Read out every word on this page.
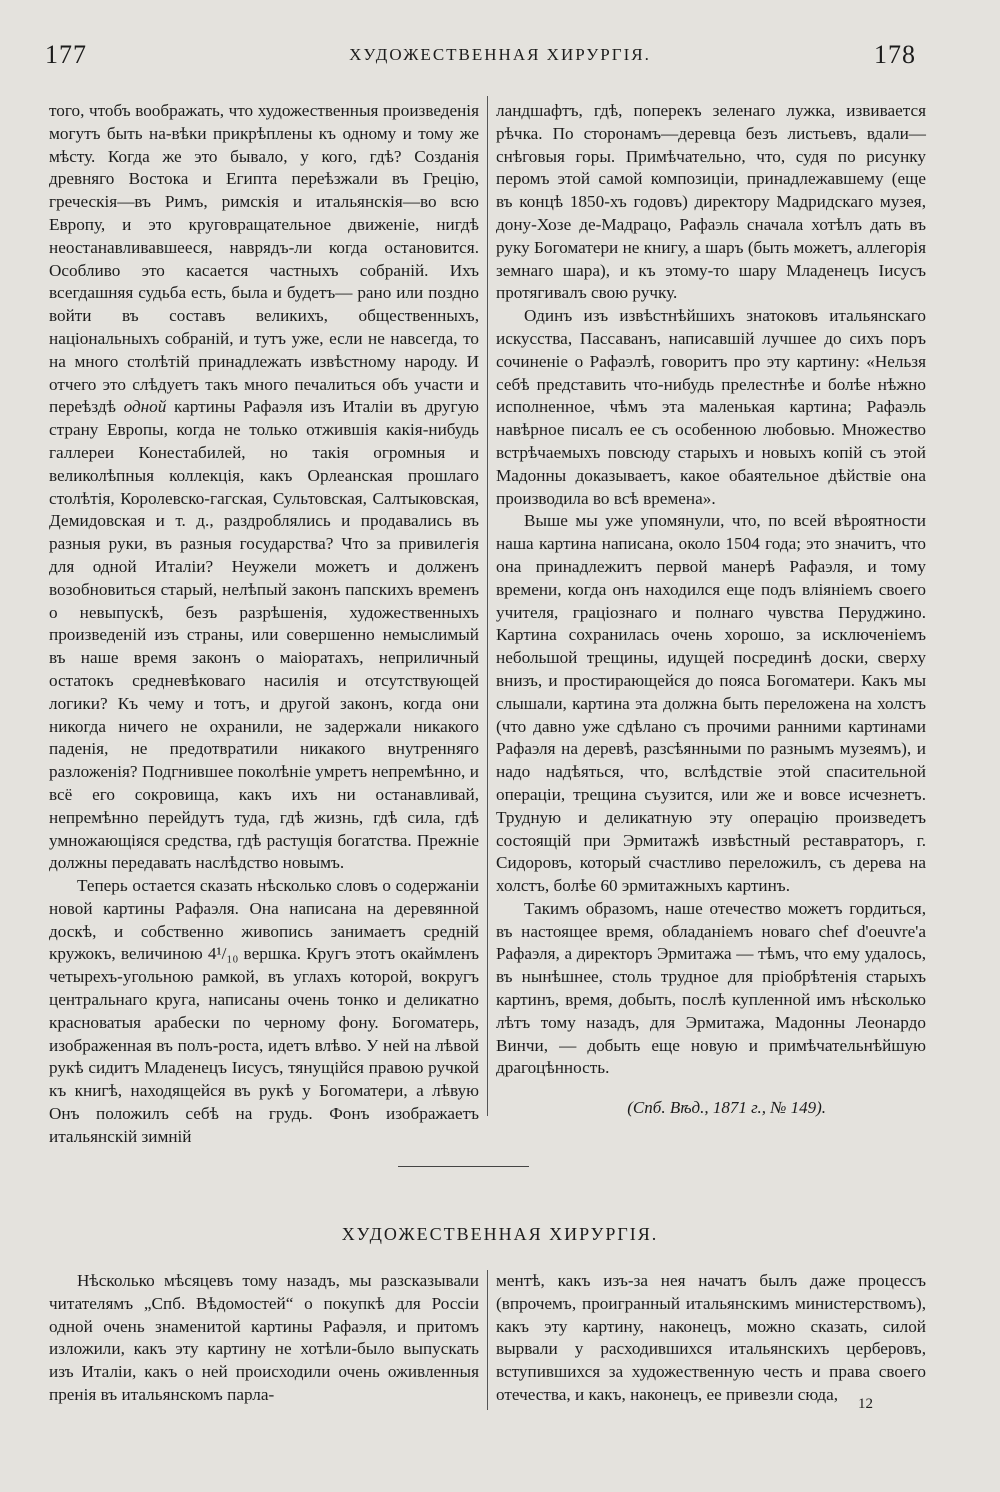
177	ХУДОЖЕСТВЕННАЯ ХИРУРГІЯ.	178

того, чтобъ воображать, что художественныя произведенія могутъ быть на-вѣки прикрѣплены къ одному и тому же мѣсту. Когда же это бывало, у кого, гдѣ? Созданія древняго Востока и Египта переѣзжали въ Грецію, греческія—въ Римъ, римскія и итальянскія—во всю Европу, и это круговращательное движеніе, нигдѣ неостанавливавшееся, наврядъ-ли когда остановится. Особливо это касается частныхъ собраній. Ихъ всегдашняя судьба есть, была и будетъ— рано или поздно войти въ составъ великихъ, общественныхъ, національныхъ собраній, и тутъ уже, если не навсегда, то на много столѣтій принадлежать извѣстному народу. И отчего это слѣдуетъ такъ много печалиться объ участи и переѣздѣ одной картины Рафаэля изъ Италіи въ другую страну Европы, когда не только отжившія какія-нибудь галлереи Конестабилей, но такія огромныя и великолѣпныя коллекція, какъ Орлеанская прошлаго столѣтія, Королевско-гагская, Сультовская, Салтыковская, Демидовская и т. д., раздроблялись и продавались въ разныя руки, въ разныя государства? Что за привилегія для одной Италіи? Неужели можетъ и долженъ возобновиться старый, нелѣпый законъ папскихъ временъ о невыпускѣ, безъ разрѣшенія, художественныхъ произведеній изъ страны, или совершенно немыслимый въ наше время законъ о маіоратахъ, неприличный остатокъ средневѣковаго насилія и отсутствующей логики? Къ чему и тотъ, и другой законъ, когда они никогда ничего не охранили, не задержали никакого паденія, не предотвратили никакого внутренняго разложенія? Подгнившее поколѣніе умретъ непремѣнно, и всё его сокровища, какъ ихъ ни останавливай, непремѣнно перейдутъ туда, гдѣ жизнь, гдѣ сила, гдѣ умножающіяся средства, гдѣ растущія богатства. Прежніе должны передавать наслѣдство новымъ.

Теперь остается сказать нѣсколько словъ о содержаніи новой картины Рафаэля. Она написана на деревянной доскѣ, и собственно живопись занимаетъ средній кружокъ, величиною 4¹/₁₀ вершка. Кругъ этотъ окаймленъ четырехъ-угольною рамкой, въ углахъ которой, вокругъ центральнаго круга, написаны очень тонко и деликатно красноватыя арабески по черному фону. Богоматерь, изображенная въ полъ-роста, идетъ влѣво. У ней на лѣвой рукѣ сидитъ Младенецъ Іисусъ, тянущійся правою ручкой къ книгѣ, находящейся въ рукѣ у Богоматери, а лѣвую Онъ положилъ себѣ на грудь. Фонъ изображаетъ итальянскій зимній

ландшафтъ, гдѣ, поперекъ зеленаго лужка, извивается рѣчка. По сторонамъ—деревца безъ листьевъ, вдали—снѣговыя горы. Примѣчательно, что, судя по рисунку перомъ этой самой композиціи, принадлежавшему (еще въ концѣ 1850-хъ годовъ) директору Мадридскаго музея, дону-Хозе де-Мадрацо, Рафаэль сначала хотѣлъ дать въ руку Богоматери не книгу, а шаръ (быть можетъ, аллегорія земнаго шара), и къ этому-то шару Младенецъ Іисусъ протягивалъ свою ручку.

Одинъ изъ извѣстнѣйшихъ знатоковъ итальянскаго искусства, Пассаванъ, написавшій лучшее до сихъ поръ сочиненіе о Рафаэлѣ, говоритъ про эту картину: «Нельзя себѣ представить что-нибудь прелестнѣе и болѣе нѣжно исполненное, чѣмъ эта маленькая картина; Рафаэль навѣрное писалъ ее съ особенною любовью. Множество встрѣчаемыхъ повсюду старыхъ и новыхъ копій съ этой Мадонны доказываетъ, какое обаятельное дѣйствіе она производила во всѣ времена».

Выше мы уже упомянули, что, по всей вѣроятности наша картина написана, около 1504 года; это значитъ, что она принадлежитъ первой манерѣ Рафаэля, и тому времени, когда онъ находился еще подъ вліяніемъ своего учителя, граціознаго и полнаго чувства Перуджино. Картина сохранилась очень хорошо, за исключеніемъ небольшой трещины, идущей посрединѣ доски, сверху внизъ, и простирающейся до пояса Богоматери. Какъ мы слышали, картина эта должна быть переложена на холстъ (что давно уже сдѣлано съ прочими ранними картинами Рафаэля на деревѣ, разсѣянными по разнымъ музеямъ), и надо надѣяться, что, вслѣдствіе этой спасительной операціи, трещина съузится, или же и вовсе исчезнетъ. Трудную и деликатную эту операцію произведетъ состоящій при Эрмитажѣ извѣстный реставраторъ, г. Сидоровъ, который счастливо переложилъ, съ дерева на холстъ, болѣе 60 эрмитажныхъ картинъ.

Такимъ образомъ, наше отечество можетъ гордиться, въ настоящее время, обладаніемъ новаго chef d'oeuvre'а Рафаэля, а директоръ Эрмитажа — тѣмъ, что ему удалось, въ нынѣшнее, столь трудное для пріобрѣтенія старыхъ картинъ, время, добыть, послѣ купленной имъ нѣсколько лѣтъ тому назадъ, для Эрмитажа, Мадонны Леонардо Винчи, — добыть еще новую и примѣчательнѣйшую драгоцѣнность.

(Спб. Вѣд., 1871 г., № 149).
ХУДОЖЕСТВЕННАЯ ХИРУРГІЯ.

Нѣсколько мѣсяцевъ тому назадъ, мы разсказывали читателямъ „Спб. Вѣдомостей“ о покупкѣ для Россіи одной очень знаменитой картины Рафаэля, и притомъ изложили, какъ эту картину не хотѣли-было выпускать изъ Италіи, какъ о ней происходили очень оживленныя пренія въ итальянскомъ парла-

ментѣ, какъ изъ-за нея начатъ былъ даже процессъ (впрочемъ, проигранный итальянскимъ министерствомъ), какъ эту картину, наконецъ, можно сказать, силой вырвали у расходившихся итальянскихъ церберовъ, вступившихся за художественную честь и права своего отечества, и какъ, наконецъ, ее привезли сюда,

12
